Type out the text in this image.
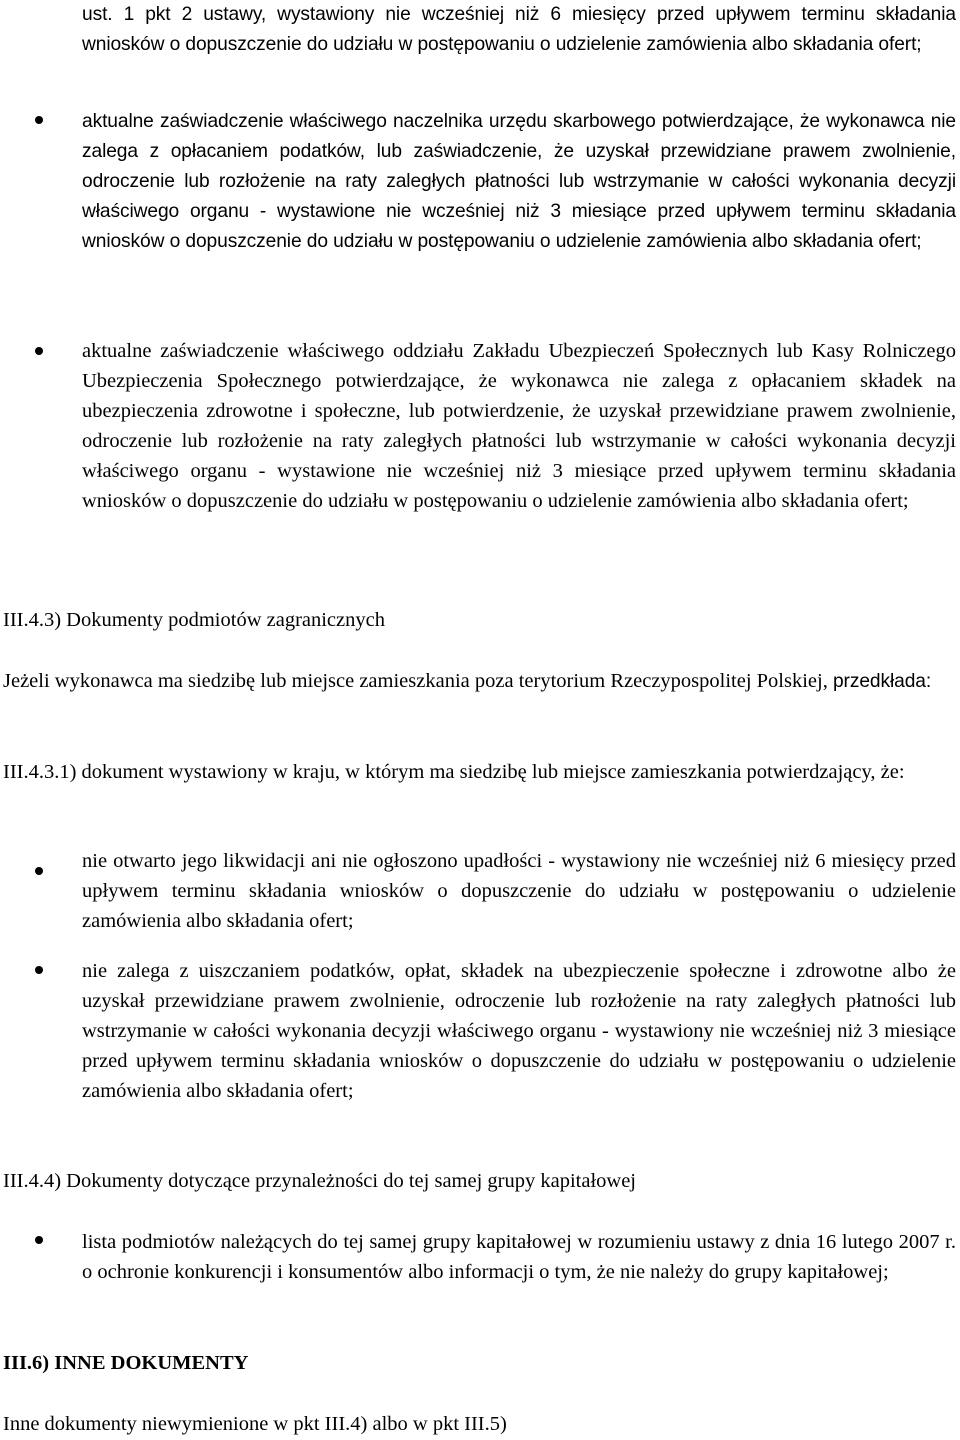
ust. 1 pkt 2 ustawy, wystawiony nie wcześniej niż 6 miesięcy przed upływem terminu składania wniosków o dopuszczenie do udziału w postępowaniu o udzielenie zamówienia albo składania ofert;

aktualne zaświadczenie właściwego naczelnika urzędu skarbowego potwierdzające, że wykonawca nie zalega z opłacaniem podatków, lub zaświadczenie, że uzyskał przewidziane prawem zwolnienie, odroczenie lub rozłożenie na raty zaległych płatności lub wstrzymanie w całości wykonania decyzji właściwego organu - wystawione nie wcześniej niż 3 miesiące przed upływem terminu składania wniosków o dopuszczenie do udziału w postępowaniu o udzielenie zamówienia albo składania ofert;

aktualne zaświadczenie właściwego oddziału Zakładu Ubezpieczeń Społecznych lub Kasy Rolniczego Ubezpieczenia Społecznego potwierdzające, że wykonawca nie zalega z opłacaniem składek na ubezpieczenia zdrowotne i społeczne, lub potwierdzenie, że uzyskał przewidziane prawem zwolnienie, odroczenie lub rozłożenie na raty zaległych płatności lub wstrzymanie w całości wykonania decyzji właściwego organu - wystawione nie wcześniej niż 3 miesiące przed upływem terminu składania wniosków o dopuszczenie do udziału w postępowaniu o udzielenie zamówienia albo składania ofert;

III.4.3) Dokumenty podmiotów zagranicznych

Jeżeli wykonawca ma siedzibę lub miejsce zamieszkania poza terytorium Rzeczypospolitej Polskiej, przedkłada:

III.4.3.1) dokument wystawiony w kraju, w którym ma siedzibę lub miejsce zamieszkania potwierdzający, że:

nie otwarto jego likwidacji ani nie ogłoszono upadłości - wystawiony nie wcześniej niż 6 miesięcy przed upływem terminu składania wniosków o dopuszczenie do udziału w postępowaniu o udzielenie zamówienia albo składania ofert;

nie zalega z uiszczaniem podatków, opłat, składek na ubezpieczenie społeczne i zdrowotne albo że uzyskał przewidziane prawem zwolnienie, odroczenie lub rozłożenie na raty zaległych płatności lub wstrzymanie w całości wykonania decyzji właściwego organu - wystawiony nie wcześniej niż 3 miesiące przed upływem terminu składania wniosków o dopuszczenie do udziału w postępowaniu o udzielenie zamówienia albo składania ofert;

III.4.4) Dokumenty dotyczące przynależności do tej samej grupy kapitałowej

lista podmiotów należących do tej samej grupy kapitałowej w rozumieniu ustawy z dnia 16 lutego 2007 r. o ochronie konkurencji i konsumentów albo informacji o tym, że nie należy do grupy kapitałowej;

III.6) INNE DOKUMENTY

Inne dokumenty niewymienione w pkt III.4) albo w pkt III.5)
